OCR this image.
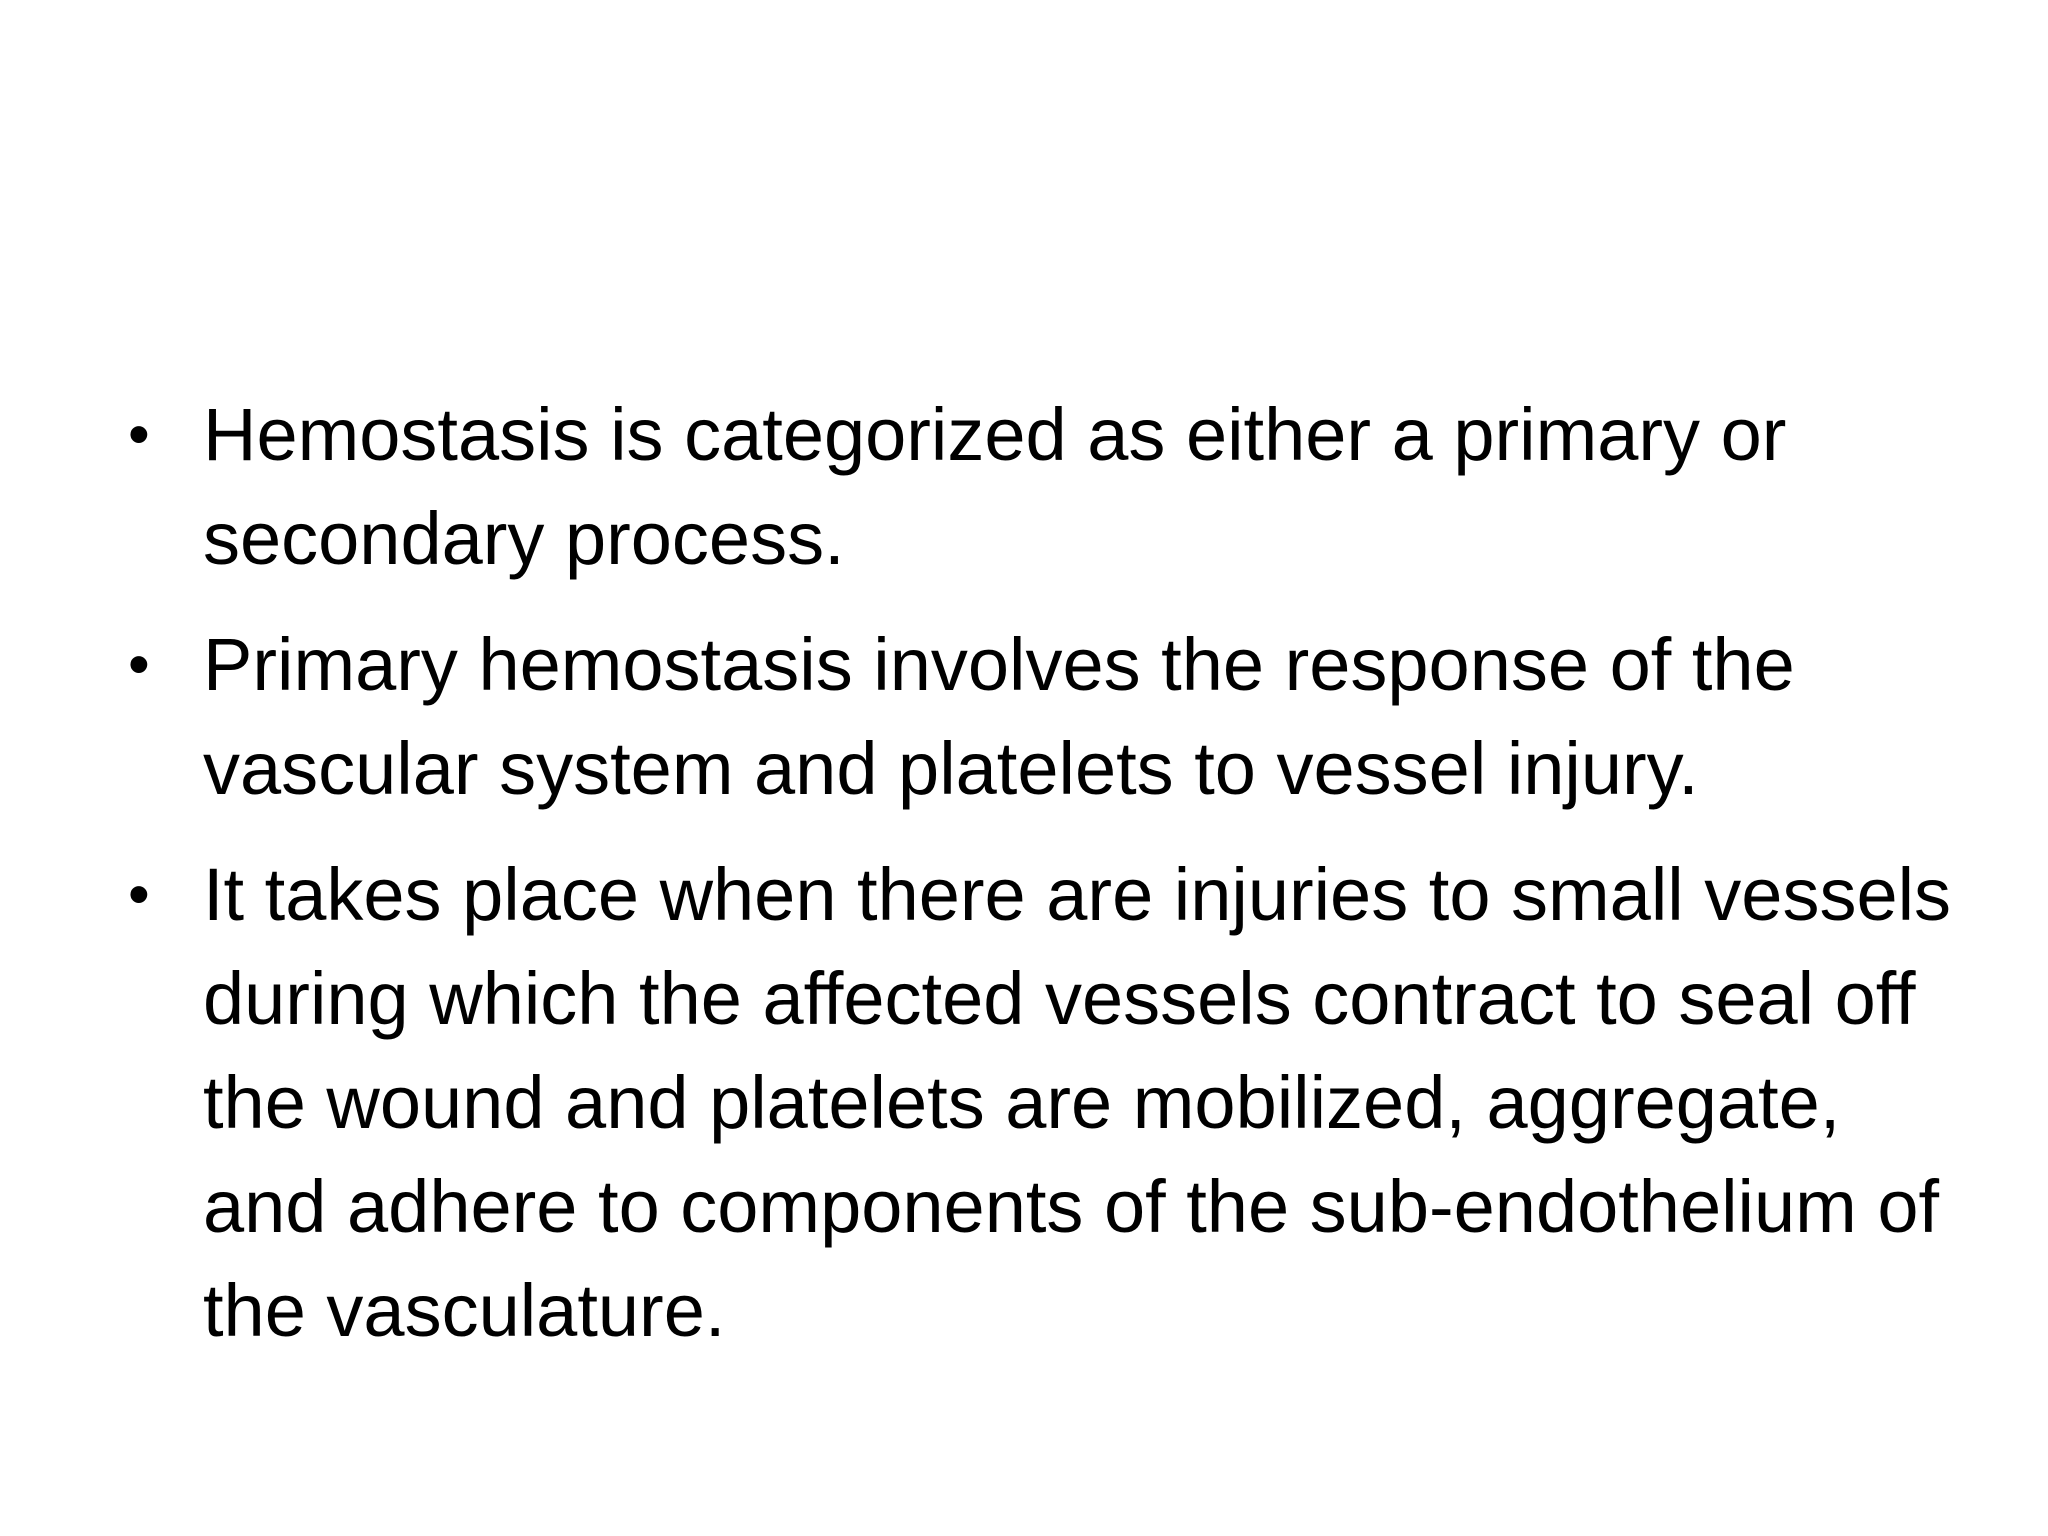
• Hemostasis is categorized as either a primary or secondary process.
• Primary hemostasis involves the response of the vascular system and platelets to vessel injury.
• It takes place when there are injuries to small vessels during which the affected vessels contract to seal off the wound and platelets are mobilized, aggregate, and adhere to components of the sub-endothelium of the vasculature.
